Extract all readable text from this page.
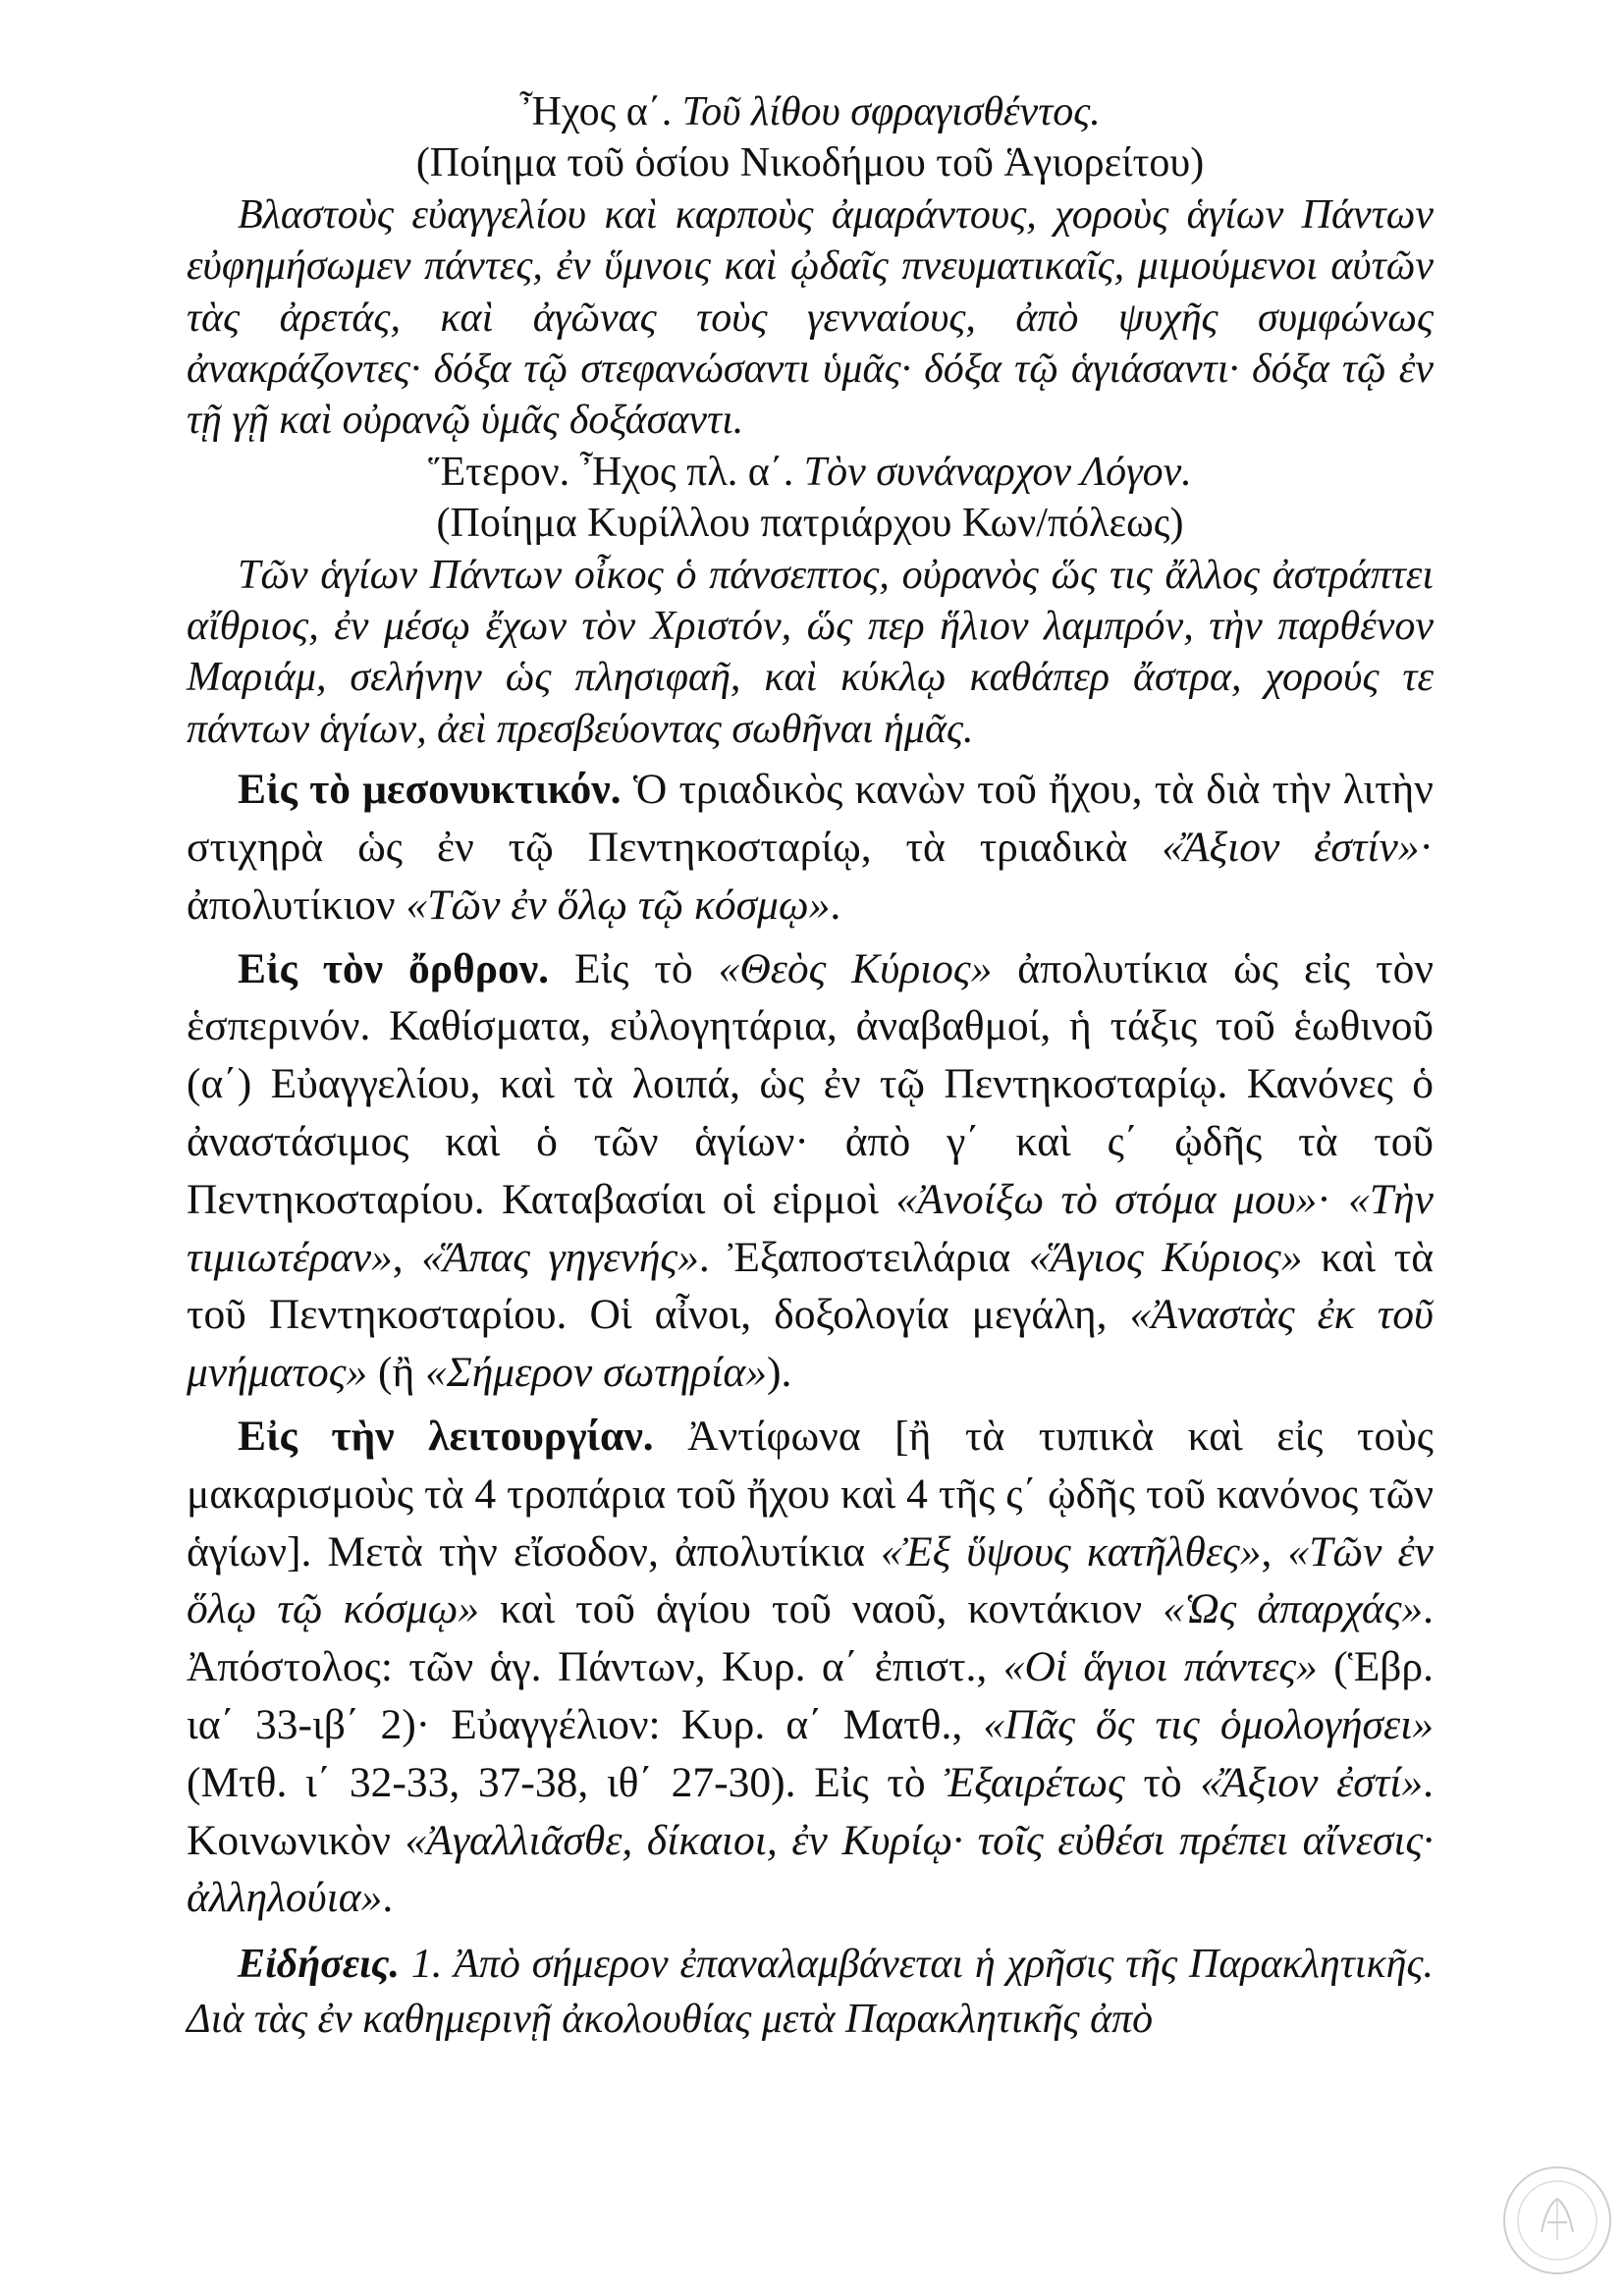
Ἦχος α΄. Τοῦ λίθου σφραγισθέντος.
(Ποίημα τοῦ ὁσίου Νικοδήμου τοῦ Ἁγιορείτου)
Βλαστοὺς εὐαγγελίου καὶ καρποὺς ἀμαράντους, χοροὺς ἁγίων Πάντων εὐφημήσωμεν πάντες, ἐν ὕμνοις καὶ ᾠδαῖς πνευματικαῖς, μιμούμενοι αὐτῶν τὰς ἀρετάς, καὶ ἀγῶνας τοὺς γενναίους, ἀπὸ ψυχῆς συμφώνως ἀνακράζοντες· δόξα τῷ στεφανώσαντι ὑμᾶς· δόξα τῷ ἁγιάσαντι· δόξα τῷ ἐν τῇ γῇ καὶ οὐρανῷ ὑμᾶς δοξάσαντι.
Ἕτερον. Ἦχος πλ. α΄. Τὸν συνάναρχον Λόγον.
(Ποίημα Κυρίλλου πατριάρχου Κων/πόλεως)
Τῶν ἁγίων Πάντων οἶκος ὁ πάνσεπτος, οὐρανὸς ὥς τις ἄλλος ἀστράπτει αἴθριος, ἐν μέσῳ ἔχων τὸν Χριστόν, ὥς περ ἥλιον λαμπρόν, τὴν παρθένον Μαριάμ, σελήνην ὡς πλησιφαῆ, καὶ κύκλῳ καθάπερ ἄστρα, χορούς τε πάντων ἁγίων, ἀεὶ πρεσβεύοντας σωθῆναι ἡμᾶς.
Εἰς τὸ μεσονυκτικόν. Ὁ τριαδικὸς κανὼν τοῦ ἤχου, τὰ διὰ τὴν λιτὴν στιχηρὰ ὡς ἐν τῷ Πεντηκοσταρίῳ, τὰ τριαδικὰ «Ἄξιον ἐστίν»· ἀπολυτίκιον «Τῶν ἐν ὅλῳ τῷ κόσμῳ».
Εἰς τὸν ὄρθρον. Εἰς τὸ «Θεὸς Κύριος» ἀπολυτίκια ὡς εἰς τὸν ἑσπερινόν. Καθίσματα, εὐλογητάρια, ἀναβαθμοί, ἡ τάξις τοῦ ἑωθινοῦ (α΄) Εὐαγγελίου, καὶ τὰ λοιπά, ὡς ἐν τῷ Πεντηκοσταρίῳ. Κανόνες ὁ ἀναστάσιμος καὶ ὁ τῶν ἁγίων· ἀπὸ γ΄ καὶ ς΄ ᾠδῆς τὰ τοῦ Πεντηκοσταρίου. Καταβασίαι οἱ εἱρμοὶ «Ἀνοίξω τὸ στόμα μου»· «Τὴν τιμιωτέραν», «Ἅπας γηγενής». Ἐξαποστειλάρια «Ἅγιος Κύριος» καὶ τὰ τοῦ Πεντηκοσταρίου. Οἱ αἶνοι, δοξολογία μεγάλη, «Ἀναστὰς ἐκ τοῦ μνήματος» (ἢ «Σήμερον σωτηρία»).
Εἰς τὴν λειτουργίαν. Ἀντίφωνα [ἢ τὰ τυπικὰ καὶ εἰς τοὺς μακαρισμοὺς τὰ 4 τροπάρια τοῦ ἤχου καὶ 4 τῆς ς΄ ᾠδῆς τοῦ κανόνος τῶν ἁγίων]. Μετὰ τὴν εἴσοδον, ἀπολυτίκια «Ἐξ ὕψους κατῆλθες», «Τῶν ἐν ὅλῳ τῷ κόσμῳ» καὶ τοῦ ἁγίου τοῦ ναοῦ, κοντάκιον «Ὡς ἀπαρχάς». Ἀπόστολος: τῶν ἁγ. Πάντων, Κυρ. α΄ ἐπιστ., «Οἱ ἅγιοι πάντες» (Ἑβρ. ια΄ 33-ιβ΄ 2)· Εὐαγγέλιον: Κυρ. α΄ Ματθ., «Πᾶς ὅς τις ὁμολογήσει» (Μτθ. ι΄ 32-33, 37-38, ιθ΄ 27-30). Εἰς τὸ Ἐξαιρέτως τὸ «Ἄξιον ἐστί». Κοινωνικὸν «Ἀγαλλιᾶσθε, δίκαιοι, ἐν Κυρίῳ· τοῖς εὐθέσι πρέπει αἴνεσις· ἀλληλούια».
Εἰδήσεις. 1. Ἀπὸ σήμερον ἐπαναλαμβάνεται ἡ χρῆσις τῆς Παρακλητικῆς. Διὰ τὰς ἐν καθημερινῇ ἀκολουθίας μετὰ Παρακλητικῆς ἀπὸ
